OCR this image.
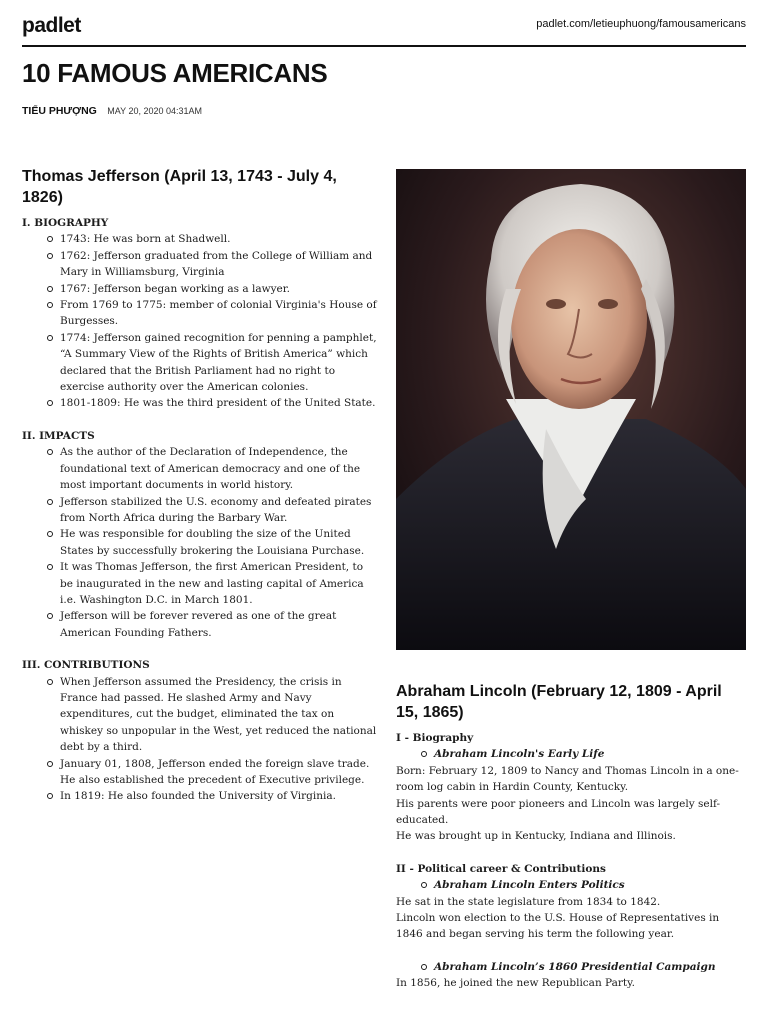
padlet	padlet.com/letieuphuong/famousamericans
10 FAMOUS AMERICANS
TIỂU PHƯỢNG MAY 20, 2020 04:31AM
Thomas Jefferson (April 13, 1743 - July 4, 1826)
I. BIOGRAPHY
1743: He was born at Shadwell.
1762: Jefferson graduated from the College of William and Mary in Williamsburg, Virginia
1767: Jefferson began working as a lawyer.
From 1769 to 1775: member of colonial Virginia's House of Burgesses.
1774: Jefferson gained recognition for penning a pamphlet, “A Summary View of the Rights of British America” which declared that the British Parliament had no right to exercise authority over the American colonies.
1801-1809: He was the third president of the United State.
II. IMPACTS
As the author of the Declaration of Independence, the foundational text of American democracy and one of the most important documents in world history.
Jefferson stabilized the U.S. economy and defeated pirates from North Africa during the Barbary War.
He was responsible for doubling the size of the United States by successfully brokering the Louisiana Purchase.
It was Thomas Jefferson, the first American President, to be inaugurated in the new and lasting capital of America i.e. Washington D.C. in March 1801.
Jefferson will be forever revered as one of the great American Founding Fathers.
III. CONTRIBUTIONS
When Jefferson assumed the Presidency, the crisis in France had passed. He slashed Army and Navy expenditures, cut the budget, eliminated the tax on whiskey so unpopular in the West, yet reduced the national debt by a third.
January 01, 1808, Jefferson ended the foreign slave trade. He also established the precedent of Executive privilege.
In 1819: He also founded the University of Virginia.
Abraham Lincoln (February 12, 1809 - April 15, 1865)
I - Biography
Abraham Lincoln's Early Life

Born: February 12, 1809 to Nancy and Thomas Lincoln in a one-room log cabin in Hardin County, Kentucky.

His parents were poor pioneers and Lincoln was largely self-educated.

He was brought up in Kentucky, Indiana and Illinois.

II - Political career & Contributions
Abraham Lincoln Enters Politics

He sat in the state legislature from 1834 to 1842.

Lincoln won election to the U.S. House of Representatives in 1846 and began serving his term the following year.

Abraham Lincoln’s 1860 Presidential Campaign

In 1856, he joined the new Republican Party.
